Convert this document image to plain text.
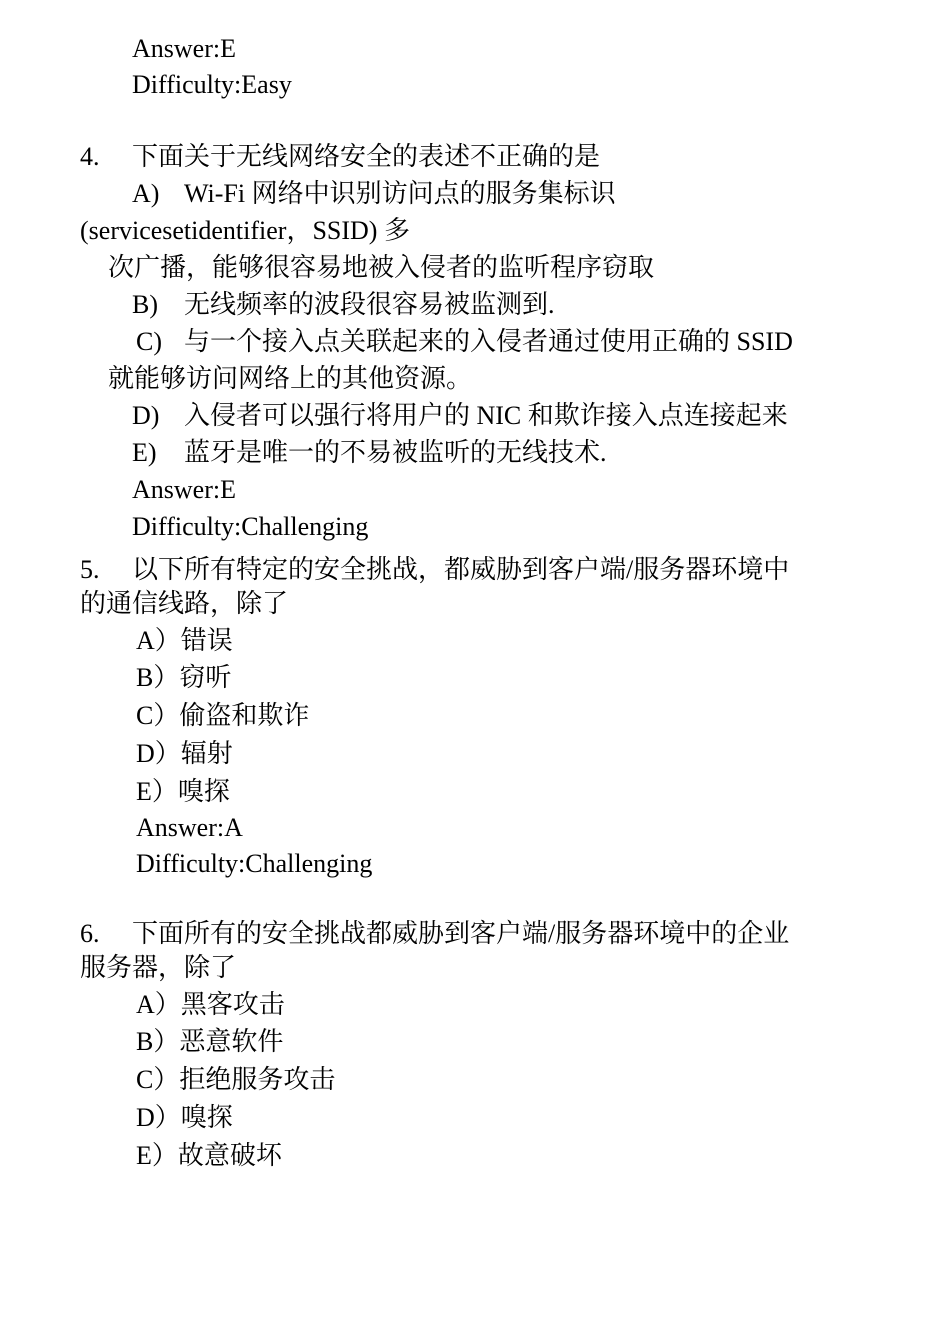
Answer:E
Difficulty:Easy
4. 下面关于无线网络安全的表述不正确的是
A) Wi-Fi 网络中识别访问点的服务集标识
(servicesetidentifier，SSID) 多
次广播，能够很容易地被入侵者的监听程序窃取
B) 无线频率的波段很容易被监测到.
C) 与一个接入点关联起来的入侵者通过使用正确的 SSID
就能够访问网络上的其他资源。
D) 入侵者可以强行将用户的 NIC 和欺诈接入点连接起来
E) 蓝牙是唯一的不易被监听的无线技术.
Answer:E
Difficulty:Challenging
5. 以下所有特定的安全挑战，都威胁到客户端/服务器环境中
的通信线路，除了
A）错误
B）窃听
C）偷盗和欺诈
D）辐射
E）嗅探
Answer:A
Difficulty:Challenging
6. 下面所有的安全挑战都威胁到客户端/服务器环境中的企业
服务器，除了
A）黑客攻击
B）恶意软件
C）拒绝服务攻击
D）嗅探
E）故意破坏
